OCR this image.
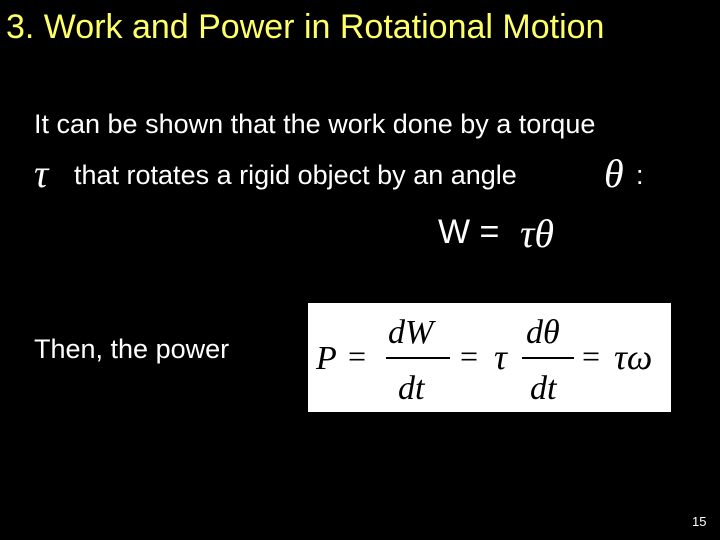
3. Work and Power in Rotational Motion
It can be shown that the work done by a torque
τ that rotates a rigid object by an angle θ :
W = τθ
Then, the power	P =
dW
dt
= τ
dθ
dt
= τω
15
